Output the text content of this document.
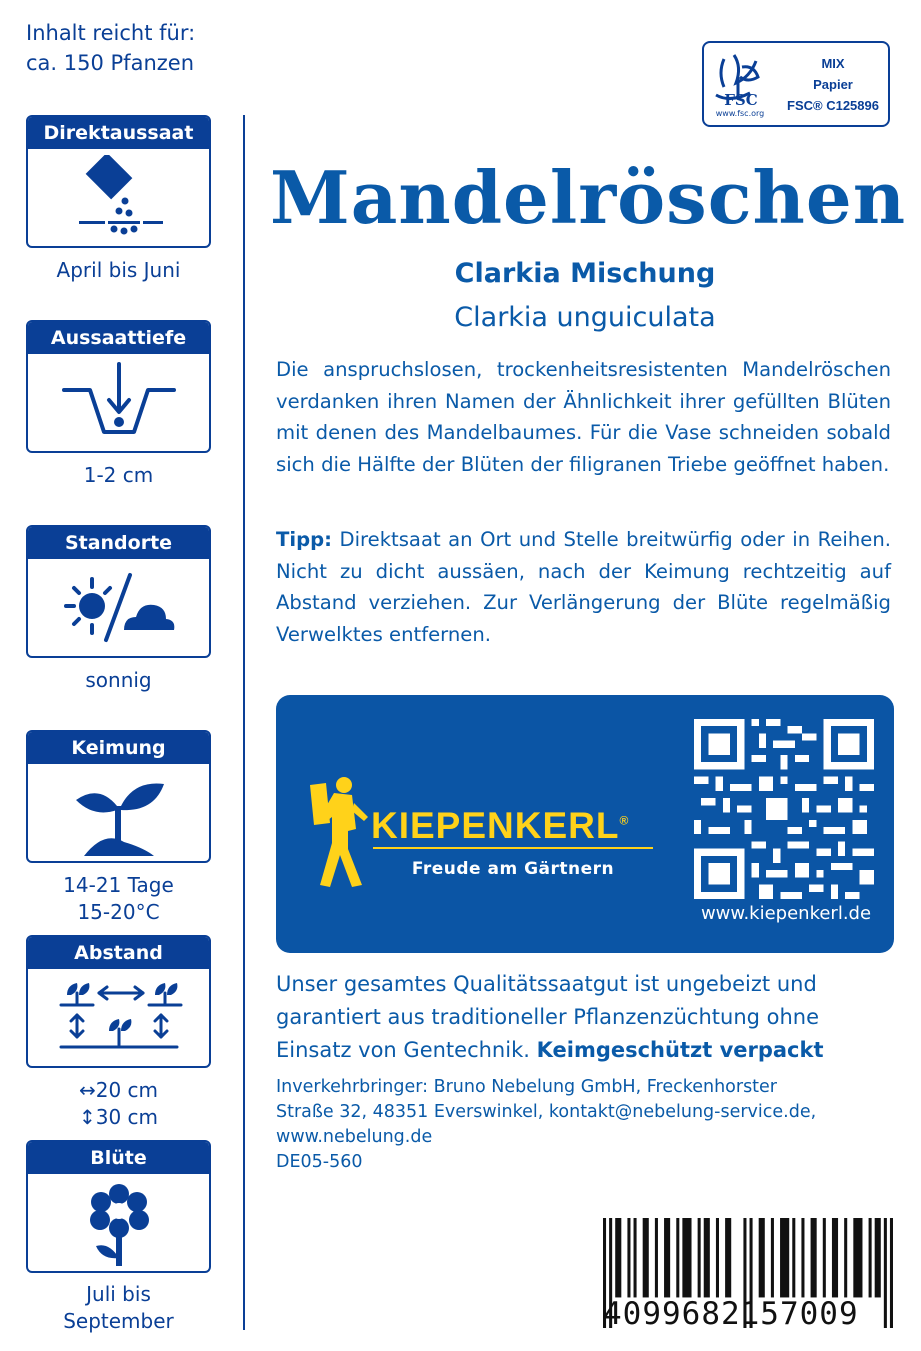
Inhalt reicht für:
ca. 150 Pfanzen
Direktaussaat
April bis Juni
Aussaattiefe
1-2 cm
Standorte
sonnig
Keimung
14-21 Tage
15-20°C
Abstand
↔20 cm
↕30 cm
Blüte
Juli bis
September
FSC
www.fsc.org
MIX
Papier
FSC® C125896
Mandelröschen
Clarkia Mischung
Clarkia unguiculata
Die anspruchslosen, trockenheitsresistenten Mandelröschen verdanken ihren Namen der Ähnlichkeit ihrer gefüllten Blüten mit denen des Mandelbaumes. Für die Vase schneiden sobald sich die Hälfte der Blüten der filigranen Triebe geöffnet haben.
Tipp: Direktsaat an Ort und Stelle breitwürfig oder in Reihen. Nicht zu dicht aussäen, nach der Keimung rechtzeitig auf Abstand verziehen. Zur Verlängerung der Blüte regelmäßig Verwelktes entfernen.
KIEPENKERL®
Freude am Gärtnern
www.kiepenkerl.de
Unser gesamtes Qualitätssaatgut ist ungebeizt und garantiert aus traditioneller Pflanzenzüchtung ohne Einsatz von Gentechnik. Keimgeschützt verpackt
Inverkehrbringer: Bruno Nebelung GmbH, Freckenhorster
Straße 32, 48351 Everswinkel, kontakt@nebelung-service.de,
www.nebelung.de
DE05-560
4099682157009
